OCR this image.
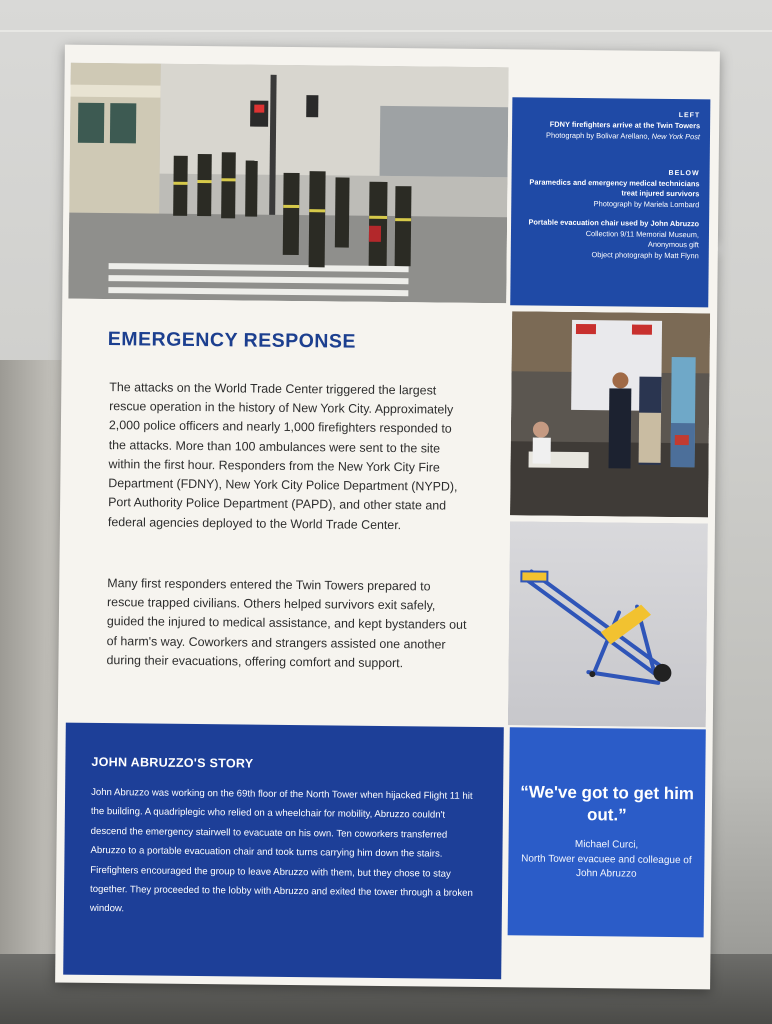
LEFT
FDNY firefighters arrive at the Twin Towers
Photograph by Bolivar Arellano, New York Post
BELOW
Paramedics and emergency medical technicians treat injured survivors
Photograph by Mariela Lombard
Portable evacuation chair used by John Abruzzo
Collection 9/11 Memorial Museum,
Anonymous gift
Object photograph by Matt Flynn
EMERGENCY RESPONSE

The attacks on the World Trade Center triggered the largest rescue operation in the history of New York City. Approximately 2,000 police officers and nearly 1,000 firefighters responded to the attacks. More than 100 ambulances were sent to the site within the first hour. Responders from the New York City Fire Department (FDNY), New York City Police Department (NYPD), Port Authority Police Department (PAPD), and other state and federal agencies deployed to the World Trade Center.

Many first responders entered the Twin Towers prepared to rescue trapped civilians. Others helped survivors exit safely, guided the injured to medical assistance, and kept bystanders out of harm's way. Coworkers and strangers assisted one another during their evacuations, offering comfort and support.

JOHN ABRUZZO'S STORY

John Abruzzo was working on the 69th floor of the North Tower when hijacked Flight 11 hit the building. A quadriplegic who relied on a wheelchair for mobility, Abruzzo couldn't descend the emergency stairwell to evacuate on his own. Ten coworkers transferred Abruzzo to a portable evacuation chair and took turns carrying him down the stairs. Firefighters encouraged the group to leave Abruzzo with them, but they chose to stay together. They proceeded to the lobby with Abruzzo and exited the tower through a broken window.

“We've got to get him out.”
Michael Curci,
North Tower evacuee and colleague of John Abruzzo
